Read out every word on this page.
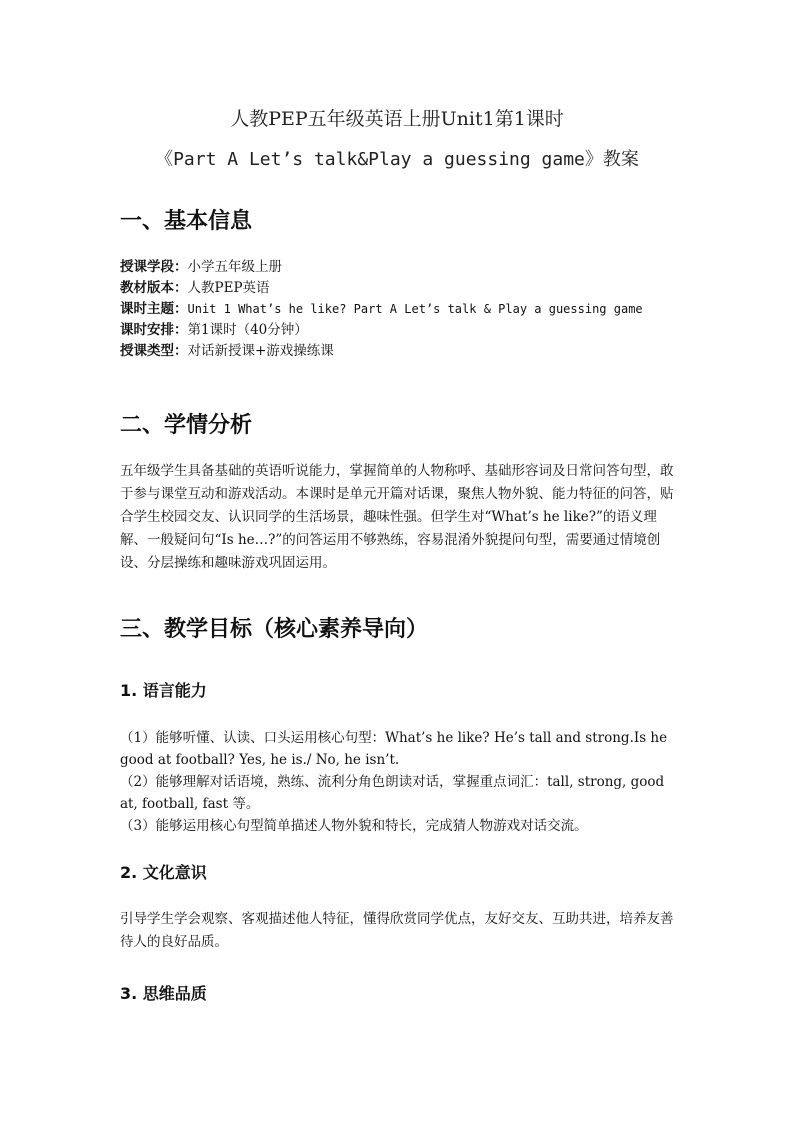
人教PEP五年级英语上册Unit1第1课时
《Part A Let’s talk&Play a guessing game》教案
一、基本信息
授课学段：小学五年级上册
教材版本：人教PEP英语
课时主题：Unit 1 What’s he like? Part A Let’s talk & Play a guessing game
课时安排：第1课时（40分钟）
授课类型：对话新授课+游戏操练课
二、学情分析
五年级学生具备基础的英语听说能力，掌握简单的人物称呼、基础形容词及日常问答句型，敢于参与课堂互动和游戏活动。本课时是单元开篇对话课，聚焦人物外貌、能力特征的问答，贴合学生校园交友、认识同学的生活场景，趣味性强。但学生对“What’s he like?”的语义理解、一般疑问句“Is he…?”的问答运用不够熟练，容易混淆外貌提问句型，需要通过情境创设、分层操练和趣味游戏巩固运用。
三、教学目标（核心素养导向）
1. 语言能力

（1）能够听懂、认读、口头运用核心句型：What’s he like? He’s tall and strong.Is he good at football? Yes, he is./ No, he isn’t.

（2）能够理解对话语境，熟练、流利分角色朗读对话，掌握重点词汇：tall, strong, good at, football, fast 等。

（3）能够运用核心句型简单描述人物外貌和特长，完成猜人物游戏对话交流。

2. 文化意识
引导学生学会观察、客观描述他人特征，懂得欣赏同学优点，友好交友、互助共进，培养友善待人的良好品质。
3. 思维品质
